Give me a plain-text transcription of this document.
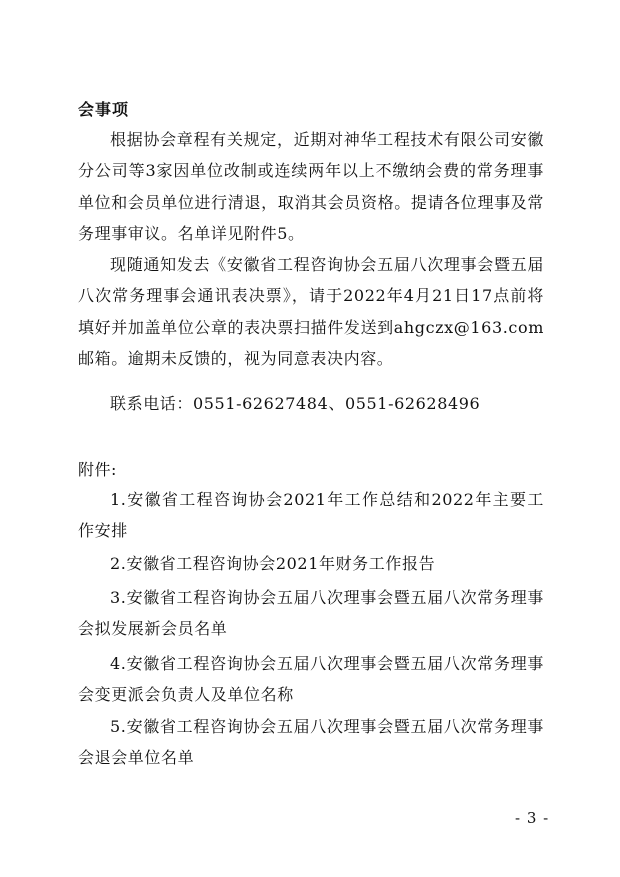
会事项
根据协会章程有关规定，近期对神华工程技术有限公司安徽分公司等3家因单位改制或连续两年以上不缴纳会费的常务理事单位和会员单位进行清退，取消其会员资格。提请各位理事及常务理事审议。名单详见附件5。
现随通知发去《安徽省工程咨询协会五届八次理事会暨五届八次常务理事会通讯表决票》，请于2022年4月21日17点前将填好并加盖单位公章的表决票扫描件发送到ahgczx@163.com邮箱。逾期未反馈的，视为同意表决内容。
联系电话：0551-62627484、0551-62628496
附件:
1.安徽省工程咨询协会2021年工作总结和2022年主要工作安排
2.安徽省工程咨询协会2021年财务工作报告
3.安徽省工程咨询协会五届八次理事会暨五届八次常务理事会拟发展新会员名单
4.安徽省工程咨询协会五届八次理事会暨五届八次常务理事会变更派会负责人及单位名称
5.安徽省工程咨询协会五届八次理事会暨五届八次常务理事会退会单位名单
- 3 -
